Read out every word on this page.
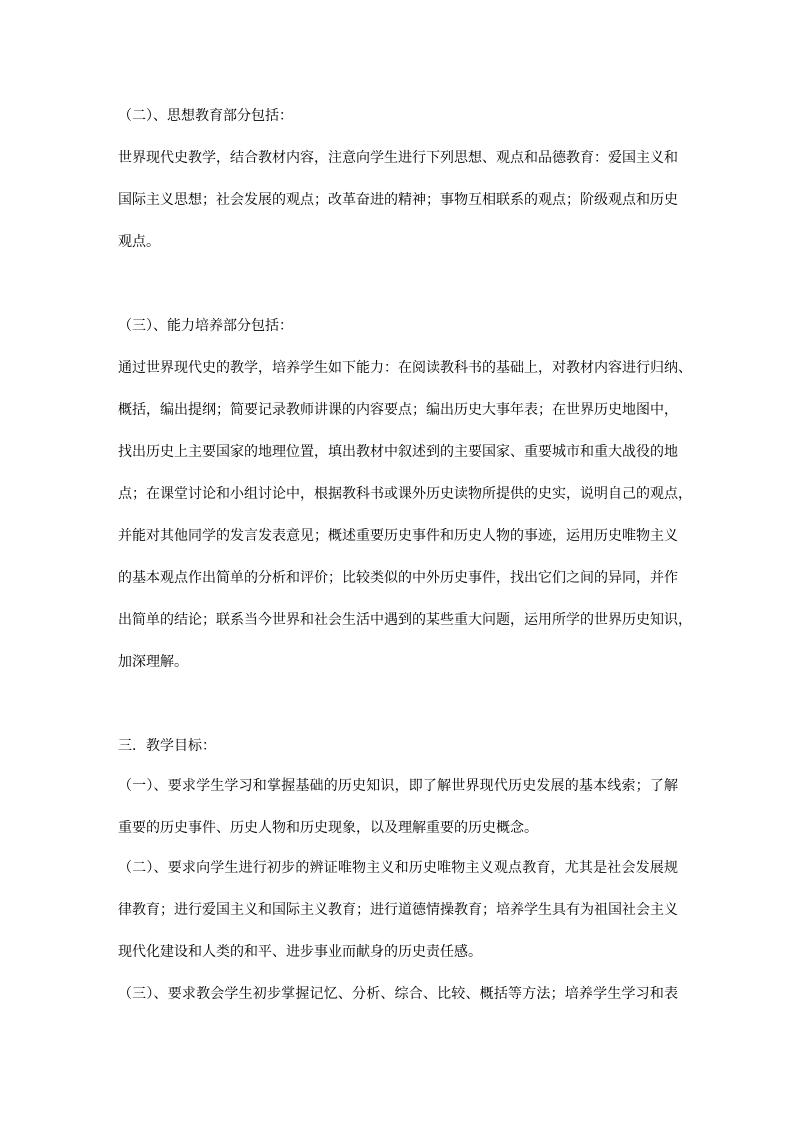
（二）、思想教育部分包括：
世界现代史教学，结合教材内容，注意向学生进行下列思想、观点和品德教育：爱国主义和
国际主义思想；社会发展的观点；改革奋进的精神；事物互相联系的观点；阶级观点和历史
观点。
（三）、能力培养部分包括：
通过世界现代史的教学，培养学生如下能力：在阅读教科书的基础上，对教材内容进行归纳、
概括，编出提纲；简要记录教师讲课的内容要点；编出历史大事年表；在世界历史地图中，
找出历史上主要国家的地理位置，填出教材中叙述到的主要国家、重要城市和重大战役的地
点；在课堂讨论和小组讨论中，根据教科书或课外历史读物所提供的史实，说明自己的观点，
并能对其他同学的发言发表意见；概述重要历史事件和历史人物的事迹，运用历史唯物主义
的基本观点作出简单的分析和评价；比较类似的中外历史事件，找出它们之间的异同，并作
出简单的结论；联系当今世界和社会生活中遇到的某些重大问题，运用所学的世界历史知识，
加深理解。
三．教学目标：
（一）、要求学生学习和掌握基础的历史知识，即了解世界现代历史发展的基本线索；了解
重要的历史事件、历史人物和历史现象，以及理解重要的历史概念。
（二）、要求向学生进行初步的辨证唯物主义和历史唯物主义观点教育，尤其是社会发展规
律教育；进行爱国主义和国际主义教育；进行道德情操教育；培养学生具有为祖国社会主义
现代化建设和人类的和平、进步事业而献身的历史责任感。
（三）、要求教会学生初步掌握记忆、分析、综合、比较、概括等方法；培养学生学习和表
